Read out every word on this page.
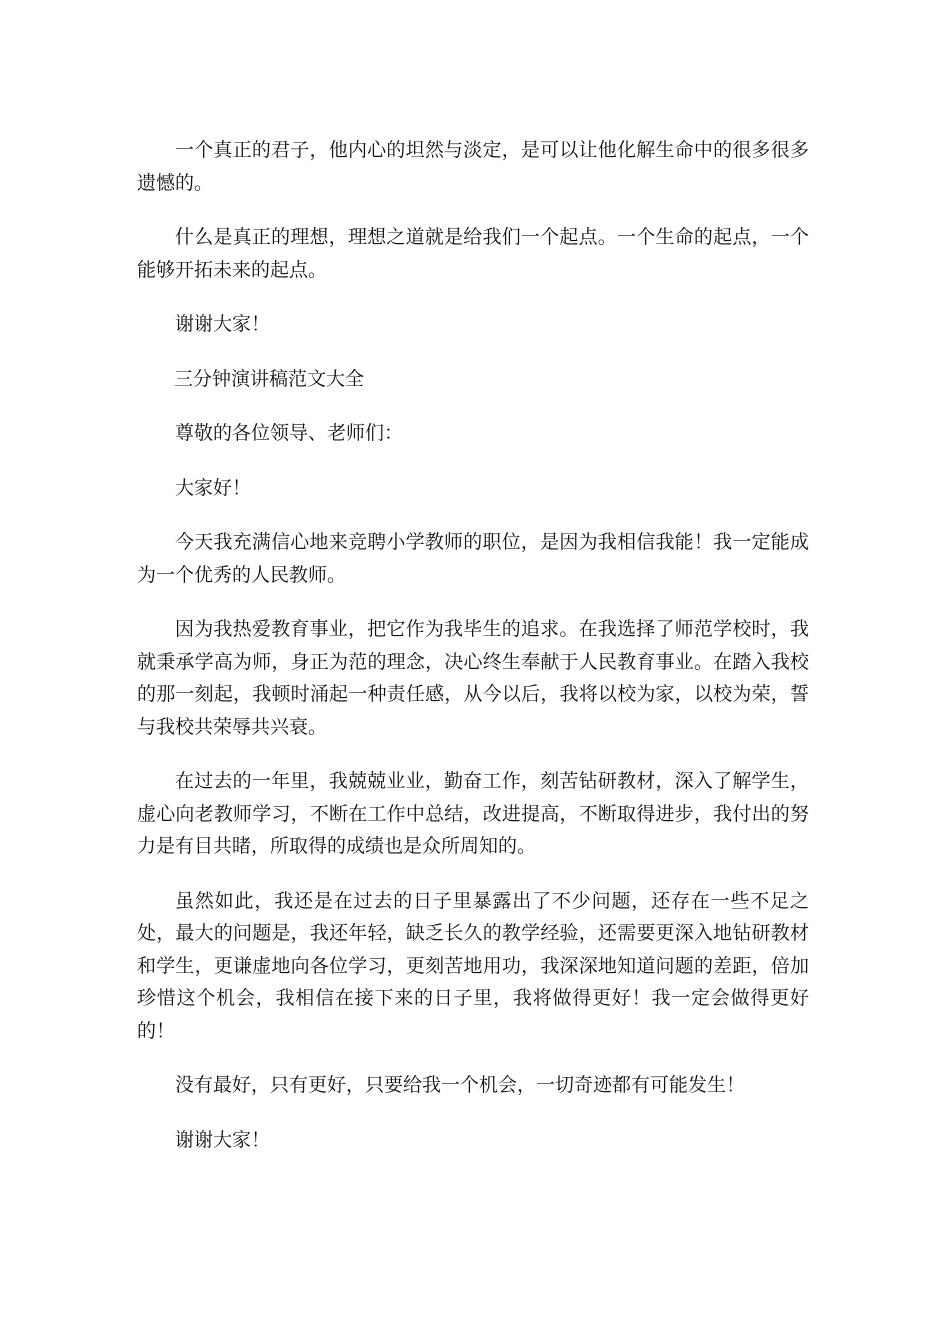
一个真正的君子，他内心的坦然与淡定，是可以让他化解生命中的很多很多遗憾的。

什么是真正的理想，理想之道就是给我们一个起点。一个生命的起点，一个能够开拓未来的起点。

谢谢大家！

三分钟演讲稿范文大全

尊敬的各位领导、老师们：

大家好！

今天我充满信心地来竞聘小学教师的职位，是因为我相信我能！我一定能成为一个优秀的人民教师。

因为我热爱教育事业，把它作为我毕生的追求。在我选择了师范学校时，我就秉承学高为师，身正为范的理念，决心终生奉献于人民教育事业。在踏入我校的那一刻起，我顿时涌起一种责任感，从今以后，我将以校为家，以校为荣，誓与我校共荣辱共兴衰。

在过去的一年里，我兢兢业业，勤奋工作，刻苦钻研教材，深入了解学生，虚心向老教师学习，不断在工作中总结，改进提高，不断取得进步，我付出的努力是有目共睹，所取得的成绩也是众所周知的。

虽然如此，我还是在过去的日子里暴露出了不少问题，还存在一些不足之处，最大的问题是，我还年轻，缺乏长久的教学经验，还需要更深入地钻研教材和学生，更谦虚地向各位学习，更刻苦地用功，我深深地知道问题的差距，倍加珍惜这个机会，我相信在接下来的日子里，我将做得更好！我一定会做得更好的！

没有最好，只有更好，只要给我一个机会，一切奇迹都有可能发生！

谢谢大家！
